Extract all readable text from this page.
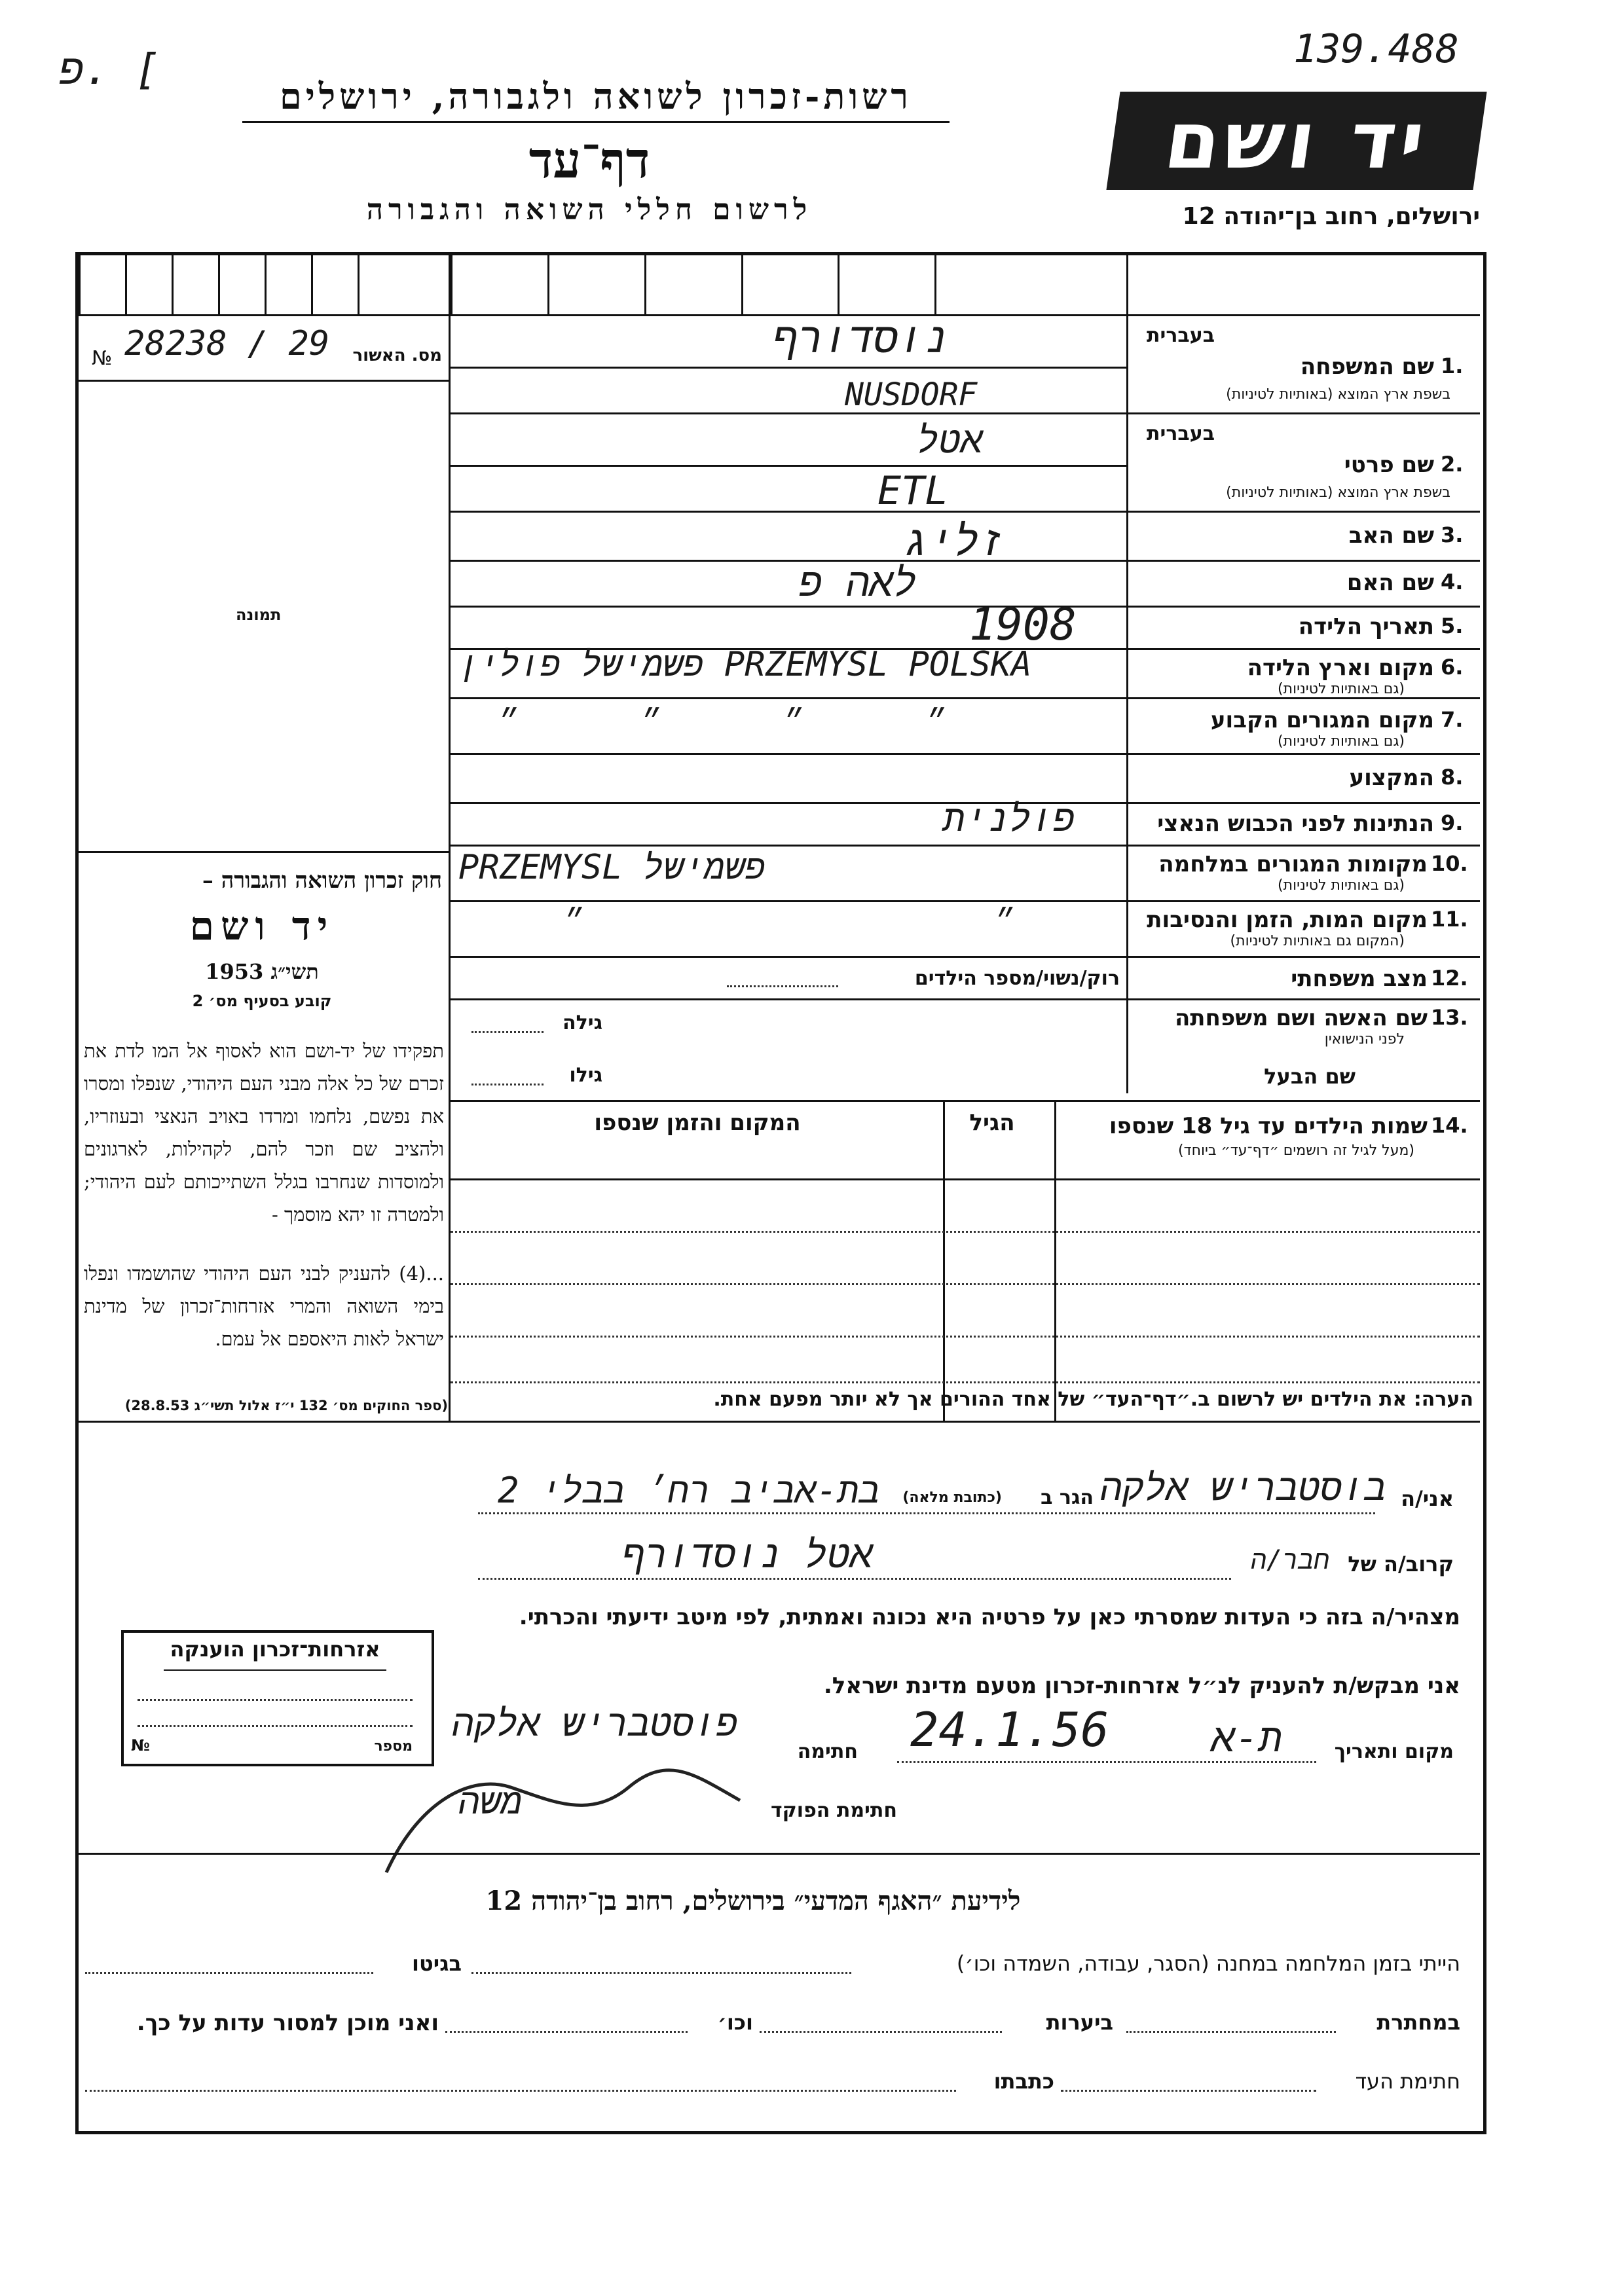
פ. [	139.488
רשות-זכרון לשואה ולגבורה, ירושלים
דף־עד
לרשום חללי השואה והגבורה
יד ושם
ירושלים, רחוב בן־יהודה 12
№ 28238 / 29	מס. האשור
תמונה
חוק זכרון השואה והגבורה –
יד ושם
תשי״ג 1953
קובע בסעיף מס׳ 2
תפקידו של יד-ושם הוא לאסוף אל המו לדת את זכרם של כל אלה מבני העם היהודי, שנפלו ומסרו את נפשם, נלחמו ומרדו באויב הנאצי ובעוזריו, ולהציב שם וזכר להם, לקהילות, לארגונים ולמוסדות שנחרבו בגלל השתייכותם לעם היהודי; ולמטרה זו יהא מוסמך -
...(4) להעניק לבני העם היהודי שהושמדו ונפלו בימי השואה והמרי אזרחות־זכרון של מדינת ישראל לאות היאספם אל עמם.
(ספר החוקים מס׳ 132 י״ז אלול תשי״ג 28.8.53)
בעברית
1.
שם המשפחה
בשפת ארץ המוצא (באותיות לטיניות)
נוסדורף
NUSDORF
בעברית
2.
שם פרטי
בשפת ארץ המוצא (באותיות לטיניות)
אטל
ETL
3.
שם האב
זליג
4.
שם האם
לאה פ
5.
תאריך הלידה
1908
6.
מקום וארץ הלידה
(גם באותיות לטיניות)
פשמישל פולין PRZEMYSL POLSKA
7.
מקום המגורים הקבוע
(גם באותיות לטיניות)
״ ״ ״ ״
8.
המקצוע
9.
הנתינות לפני הכבוש הנאצי
פולנית
10.
מקומות המגורים במלחמה
(גם באותיות לטיניות)
פשמישל PRZEMYSL
11.
מקום המות, הזמן והנסיבות
(המקום גם באותיות לטיניות)
״ ״
12.
מצב משפחתי
רוק/נשוי/מספר הילדים
13.
שם האשה ושם משפחתה
לפני הנישואין
גילה
שם הבעל
גילו
14.
שמות הילדים עד גיל 18 שנספו
(מעל לגיל זה רושמים ״דף־עד״ ביוחד)
הגיל
המקום והזמן שנספו
הערה: את הילדים יש לרשום ב.״דף־העד״ של אחד ההורים אך לא יותר מפעם אחת.
אני/ה
בוסטבריש אלקה
הגר ב
(כתובת מלאה)
בת-אביב רח׳ בבלי 2
קרוב/ה של
חבר/ה
אטל נוסדורף
מצהיר/ה בזה כי העדות שמסרתי כאן על פרטיה היא נכונה ואמתית, לפי מיטב ידיעתי והכרתי.
אני מבקש/ת להעניק לנ״ל אזרחות-זכרון מטעם מדינת ישראל.
מקום ותאריך
ת-א
24.1.56
חתימה
פוסטבריש אלקה
חתימת הפוקד
משה
אזרחות־זכרון הוענקה
מספר
№
לידיעת ״האגף המדעי״ בירושלים, רחוב בן־יהודה 12
הייתי בזמן המלחמה במחנה (הסגר, עבודה, השמדה וכו׳)
בגיטו
במחתרת
ביערות
וכו׳
ואני מוכן למסור עדות על כך.
חתימת העד
כתבתו
